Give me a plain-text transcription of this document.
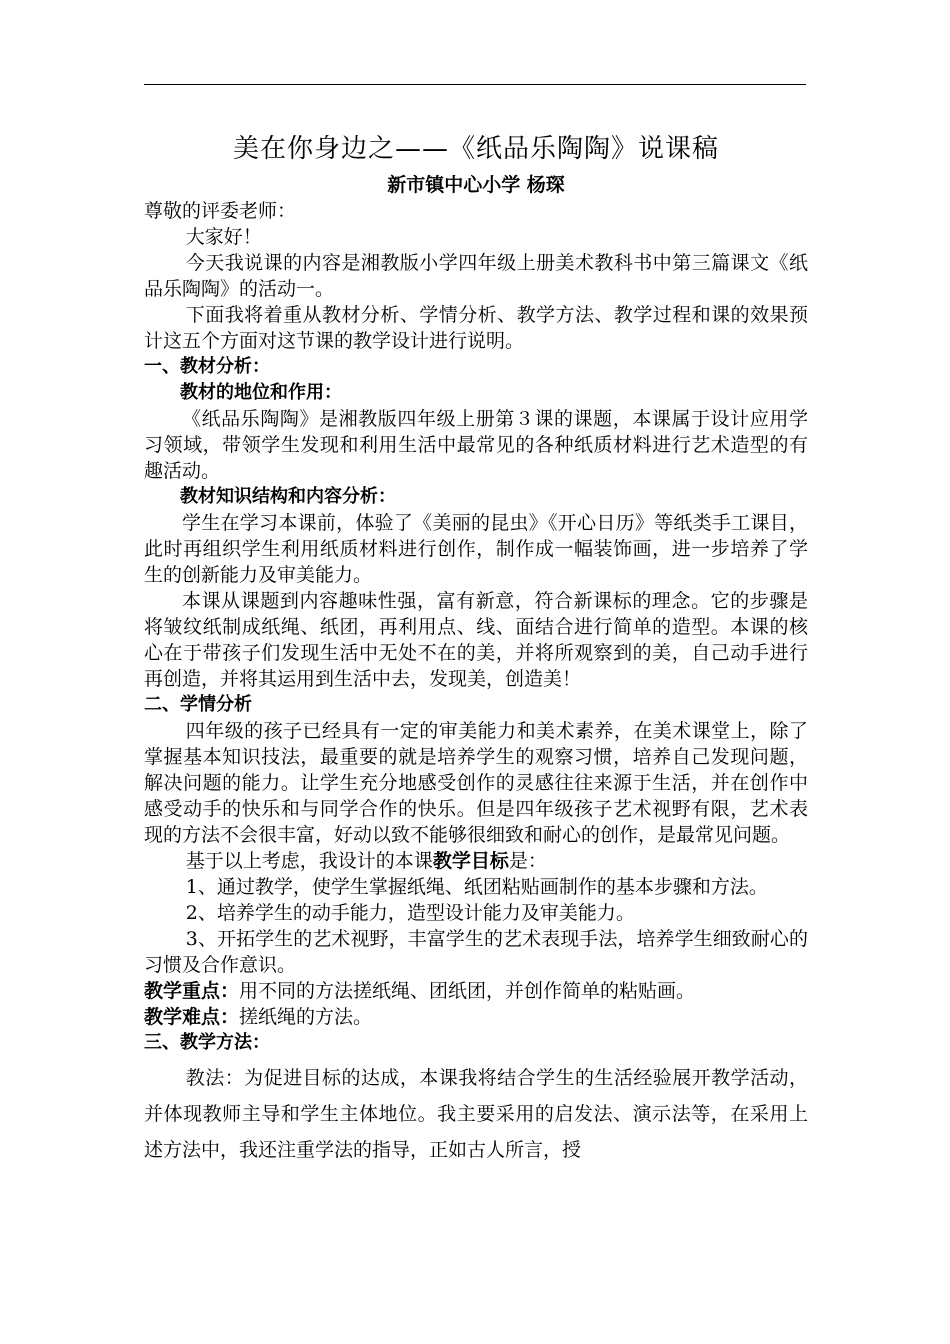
美在你身边之——《纸品乐陶陶》说课稿
新市镇中心小学 杨琛

尊敬的评委老师：

大家好！

今天我说课的内容是湘教版小学四年级上册美术教科书中第三篇课文《纸品乐陶陶》的活动一。

下面我将着重从教材分析、学情分析、教学方法、教学过程和课的效果预计这五个方面对这节课的教学设计进行说明。

一、教材分析：
教材的地位和作用：

《纸品乐陶陶》是湘教版四年级上册第３课的课题，本课属于设计应用学习领域，带领学生发现和利用生活中最常见的各种纸质材料进行艺术造型的有趣活动。

教材知识结构和内容分析：

学生在学习本课前，体验了《美丽的昆虫》《开心日历》等纸类手工课目，此时再组织学生利用纸质材料进行创作，制作成一幅装饰画，进一步培养了学生的创新能力及审美能力。

本课从课题到内容趣味性强，富有新意，符合新课标的理念。它的步骤是将皱纹纸制成纸绳、纸团，再利用点、线、面结合进行简单的造型。本课的核心在于带孩子们发现生活中无处不在的美，并将所观察到的美，自己动手进行再创造，并将其运用到生活中去，发现美，创造美！

二、学情分析

四年级的孩子已经具有一定的审美能力和美术素养，在美术课堂上，除了掌握基本知识技法，最重要的就是培养学生的观察习惯，培养自己发现问题，解决问题的能力。让学生充分地感受创作的灵感往往来源于生活，并在创作中感受动手的快乐和与同学合作的快乐。但是四年级孩子艺术视野有限，艺术表现的方法不会很丰富，好动以致不能够很细致和耐心的创作，是最常见问题。

基于以上考虑，我设计的本课教学目标是：

1、通过教学，使学生掌握纸绳、纸团粘贴画制作的基本步骤和方法。

2、培养学生的动手能力，造型设计能力及审美能力。

3、开拓学生的艺术视野，丰富学生的艺术表现手法，培养学生细致耐心的习惯及合作意识。

教学重点：用不同的方法搓纸绳、团纸团，并创作简单的粘贴画。

教学难点：搓纸绳的方法。

三、教学方法：

教法：为促进目标的达成，本课我将结合学生的生活经验展开教学活动，并体现教师主导和学生主体地位。我主要采用的启发法、演示法等，在采用上述方法中，我还注重学法的指导，正如古人所言，授
